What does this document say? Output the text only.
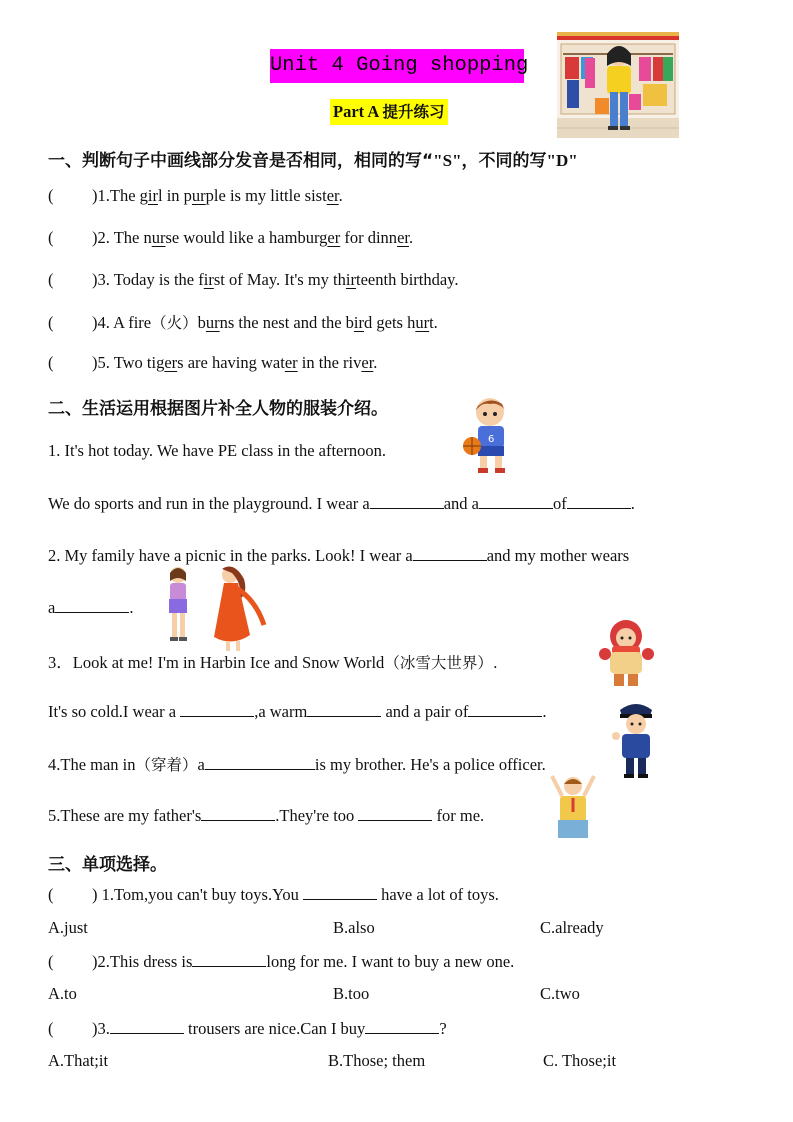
Unit 4 Going shopping
Part A 提升练习
一、判断句子中画线部分发音是否相同，相同的写“"S"，不同的写"D"
( )1.The girl in purple is my little sister.
( )2. The nurse would like a hamburger for dinner.
( )3. Today is the first of May. It's my thirteenth birthday.
( )4. A fire（火）burns the nest and the bird gets hurt.
( )5. Two tigers are having water in the river.
二、生活运用根据图片补全人物的服装介绍。
6
1. It's hot today. We have PE class in the afternoon.
We do sports and run in the playground. I wear a	and a	of	.
2. My family have a picnic in the parks. Look! I wear a	and my mother wears
a	.
3．Look at me! I'm in Harbin Ice and Snow World（冰雪大世界）.
It's so cold.I wear a	,a warm	and a pair of	.
4.The man in（穿着）a	is my brother. He's a police officer.
5.These are my father's	.They're too	for me.
三、单项选择。
( ) 1.Tom,you can't buy toys.You	have a lot of toys.
A.just	B.also	C.already
( )2.This dress is	long for me. I want to buy a new one.
A.to	B.too	C.two
( )3.	trousers are nice.Can I buy	?
A.That;it	B.Those; them	C. Those;it
